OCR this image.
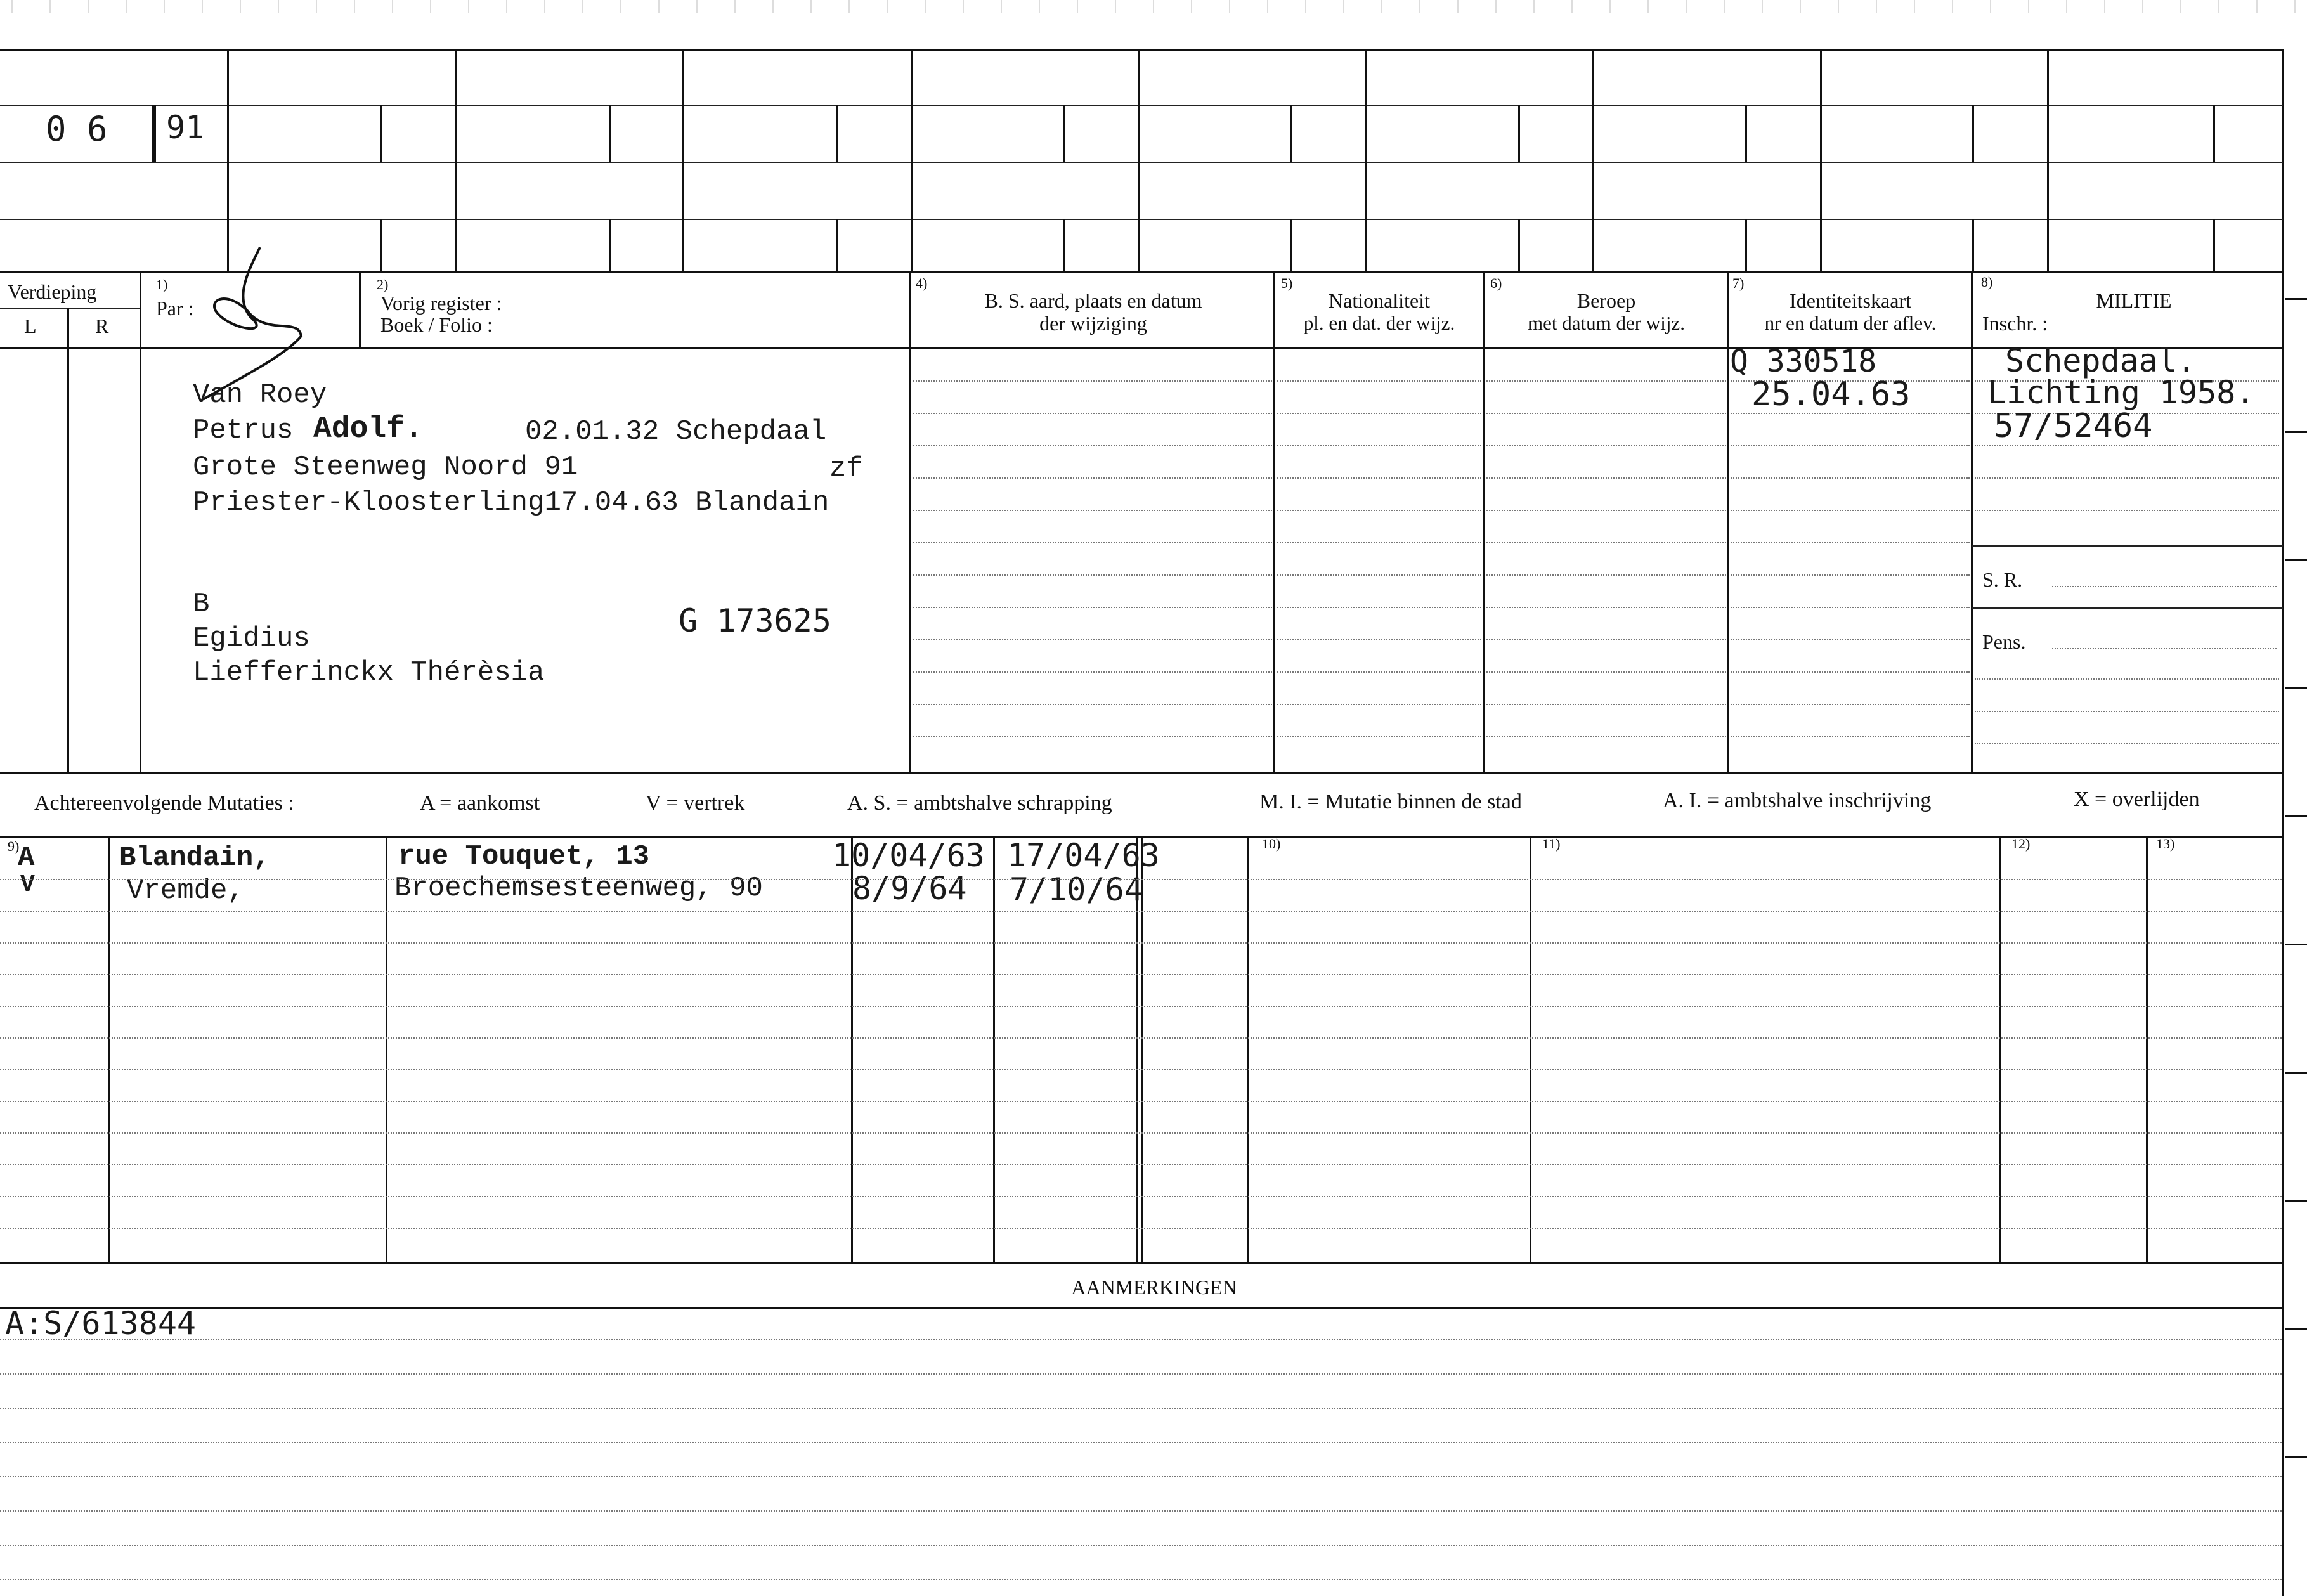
0 6 91
Verdieping
L	R
1)
Par :
2)
Vorig register :
Boek / Folio :
4)
B. S. aard, plaats en datum
der wijziging
5)
Nationaliteit
pl. en dat. der wijz.
6)
Beroep
met datum der wijz.
7)
Identiteitskaart
nr en datum der aflev.
8)
MILITIE
Inschr. :
Van Roey
Petrus Adolf.	02.01.32 Schepdaal
Grote Steenweg Noord 91	zf
Priester-Kloosterling17.04.63 Blandain
B
Egidius
Liefferinckx Thérèsia
G 173625
Q 330518
25.04.63
Schepdaal.
Lichting 1958.
57/52464
S. R.
Pens.
Achtereenvolgende Mutaties :	A = aankomst	V = vertrek	A. S. = ambtshalve schrapping	M. I. = Mutatie binnen de stad	A. I. = ambtshalve inschrijving	X = overlijden
9)	10)	11)	12)	13)
A	Blandain,	rue Touquet, 13	10/04/63 17/04/63
V	Vremde,	Broechemsesteenweg, 90	8/9/64 7/10/64
AANMERKINGEN
A:S/613844
